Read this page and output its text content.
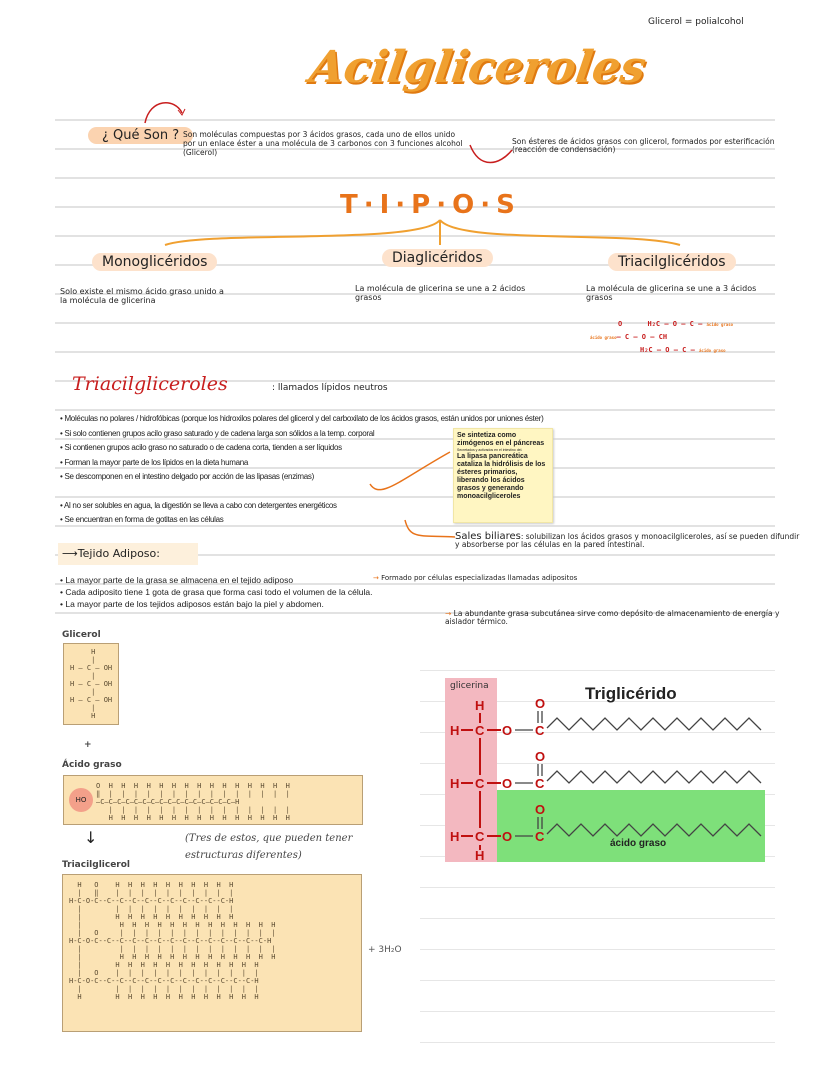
Glicerol = polialcohol
Acilgliceroles
¿ Qué Son ? Son moléculas compuestas por 3 ácidos grasos, cada uno de ellos unido por un enlace éster a una molécula de 3 carbonos con 3 funciones alcohol (Glicerol)
Son ésteres de ácidos grasos con glicerol, formados por esterificación (reacción de condensación)
T·I·P·O·S
Monoglicéridos	Diaglicéridos	Triacilglicéridos
Solo existe el mismo ácido graso unido a la molécula de glicerina
La molécula de glicerina se une a 2 ácidos grasos
La molécula de glicerina se une a 3 ácidos grasos
O      H₂C — O — C — ácido graso
ácido graso— C — O — CH
H₂C — O — C — ácido graso
Triacilgliceroles	: llamados lípidos neutros
• Moléculas no polares / hidrofóbicas (porque los hidroxilos polares del glicerol y del carboxilato de los ácidos grasos, están unidos por uniones éster)
• Si solo contienen grupos acilo graso saturado y de cadena larga son sólidos a la temp. corporal
• Si contienen grupos acilo graso no saturado o de cadena corta, tienden a ser líquidos
• Forman la mayor parte de los lípidos en la dieta humana
• Se descomponen en el intestino delgado por acción de las lipasas (enzimas)
• Al no ser solubles en agua, la digestión se lleva a cabo con detergentes energéticos
• Se encuentran en forma de gotitas en las células
Se sintetiza como zimógenos en el páncreas
Secretados y activados en el intestino del.
La lipasa pancreática cataliza la hidrólisis de los ésteres primarios, liberando los ácidos grasos y generando monoacilgliceroles
Sales biliares: solubilizan los ácidos grasos y monoacilgliceroles, así se pueden difundir y absorberse por las células en la pared intestinal.
⟶Tejido Adiposo:
• La mayor parte de la grasa se almacena en el tejido adiposo
• Cada adiposito tiene 1 gota de grasa que forma casi todo el volumen de la célula.
• La mayor parte de los tejidos adiposos están bajo la piel y abdomen.
→ Formado por células especializadas llamadas adipositos
→ La abundante grasa subcutánea sirve como depósito de almacenamiento de energía y aislador térmico.
Glicerol
H
|
H — C — OH
|
H — C — OH
|
H — C — OH
|
H
+
Ácido graso
HO
O  H  H  H  H  H  H  H  H  H  H  H  H  H  H  H
‖  |  |  |  |  |  |  |  |  |  |  |  |  |  |  |
—C—C—C—C—C—C—C—C—C—C—C—C—C—C—C—C—H
|  |  |  |  |  |  |  |  |  |  |  |  |  |  |
H  H  H  H  H  H  H  H  H  H  H  H  H  H  H
↓	(Tres de estos, que pueden tener estructuras diferentes)
Triacilglicerol
H   O    H  H  H  H  H  H  H  H  H  H
|   ‖    |  |  |  |  |  |  |  |  |  |
H-C-O-C--C--C--C--C--C--C--C--C--C--C-H
|        |  |  |  |  |  |  |  |  |  |
|        H  H  H  H  H  H  H  H  H  H
|         H  H  H  H  H  H  H  H  H  H  H  H  H
|   O     |  |  |  |  |  |  |  |  |  |  |  |  |
H-C-O-C--C--C--C--C--C--C--C--C--C--C--C--C--C-H
|         |  |  |  |  |  |  |  |  |  |  |  |  |
|         H  H  H  H  H  H  H  H  H  H  H  H  H
|        H  H  H  H  H  H  H  H  H  H  H  H
|   O    |  |  |  |  |  |  |  |  |  |  |  |
H-C-O-C--C--C--C--C--C--C--C--C--C--C--C--C-H
|        |  |  |  |  |  |  |  |  |  |  |  |
H        H  H  H  H  H  H  H  H  H  H  H  H
+ 3H₂O
glicerina	Triglicérido
ácido graso
H
H
H
H
H
C
C
C
O
O
O
C
C
C
O
O
O
